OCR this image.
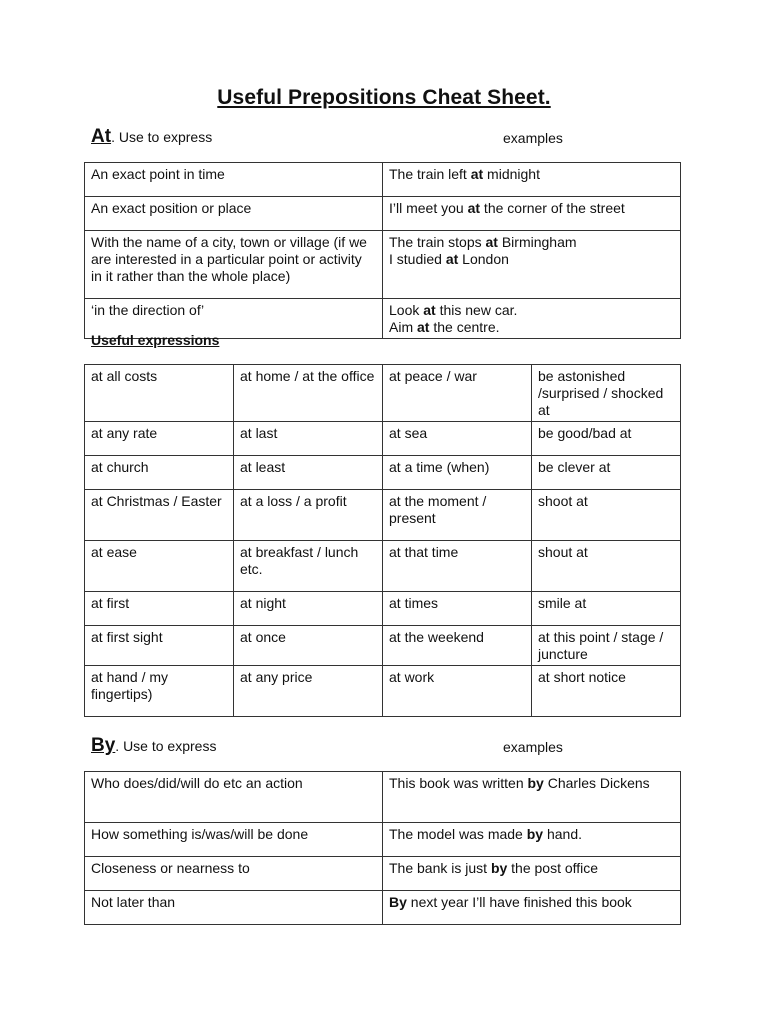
Useful Prepositions Cheat Sheet.
At. Use to express	examples
An exact point in time	The train left at midnight
An exact position or place	I’ll meet you at the corner of the street
With the name of a city, town or village (if we are interested in a particular point or activity in it rather than the whole place)	The train stops at Birmingham
I studied at London
‘in the direction of’	Look at this new car.
Aim at the centre.
Useful expressions
at all costs	at home / at the office	at peace / war	be astonished /surprised / shocked at
at any rate	at last	at sea	be good/bad at
at church	at least	at a time (when)	be clever at
at Christmas / Easter	at a loss / a profit	at the moment / present	shoot at
at ease	at breakfast / lunch etc.	at that time	shout at
at first	at night	at times	smile at
at first sight	at once	at the weekend	at this point / stage / juncture
at hand / my fingertips)	at any price	at work	at short notice
By. Use to express	examples
Who does/did/will do etc an action	This book was written by Charles Dickens
How something is/was/will be done	The model was made by hand.
Closeness or nearness to	The bank is just by the post office
Not later than	By next year I’ll have finished this book
